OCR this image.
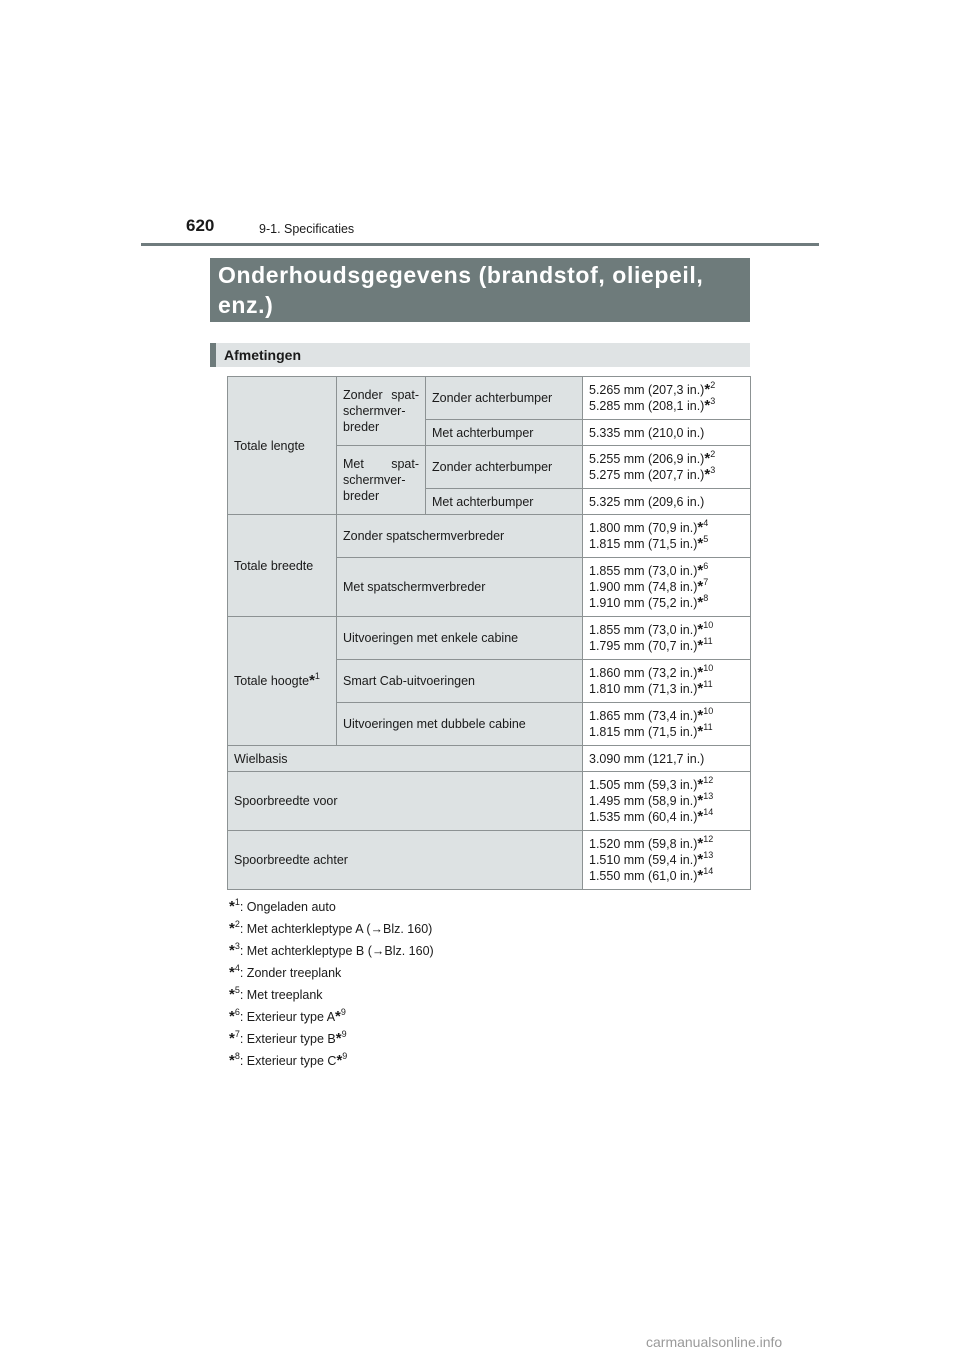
620	9-1. Specificaties
Onderhoudsgegevens (brandstof, oliepeil, enz.)
Afmetingen
Totale lengte	Zonder spat-schermver-breder	Zonder achterbumper	5.265 mm (207,3 in.)*$^2$
5.285 mm (208,1 in.)*$^3$

		Met achterbumper	5.335 mm (210,0 in.)
	Met spat-schermver-breder	Zonder achterbumper	5.255 mm (206,9 in.)*$^2$
5.275 mm (207,7 in.)*$^3$

		Met achterbumper	5.325 mm (209,6 in.)
Totale breedte	Zonder spatschermverbreder		1.800 mm (70,9 in.)*$^4$
1.815 mm (71,5 in.)*$^5$

	Met spatschermverbreder		1.855 mm (73,0 in.)*$^6$
1.900 mm (74,8 in.)*$^7$
1.910 mm (75,2 in.)*$^8$

Totale hoogte*$^1$	Uitvoeringen met enkele cabine		1.855 mm (73,0 in.)*$^{10}$
1.795 mm (70,7 in.)*$^{11}$

	Smart Cab-uitvoeringen		1.860 mm (73,2 in.)*$^{10}$
1.810 mm (71,3 in.)*$^{11}$

	Uitvoeringen met dubbele cabine		1.865 mm (73,4 in.)*$^{10}$
1.815 mm (71,5 in.)*$^{11}$

Wielbasis			3.090 mm (121,7 in.)
Spoorbreedte voor			1.505 mm (59,3 in.)*$^{12}$
1.495 mm (58,9 in.)*$^{13}$
1.535 mm (60,4 in.)*$^{14}$

Spoorbreedte achter			1.520 mm (59,8 in.)*$^{12}$
1.510 mm (59,4 in.)*$^{13}$
1.550 mm (61,0 in.)*$^{14}$
*$^1$: Ongeladen auto
*$^2$: Met achterkleptype A (→Blz. 160)
*$^3$: Met achterkleptype B (→Blz. 160)
*$^4$: Zonder treeplank
*$^5$: Met treeplank
*$^6$: Exterieur type A*$^9$
*$^7$: Exterieur type B*$^9$
*$^8$: Exterieur type C*$^9$
carmanualsonline.info
